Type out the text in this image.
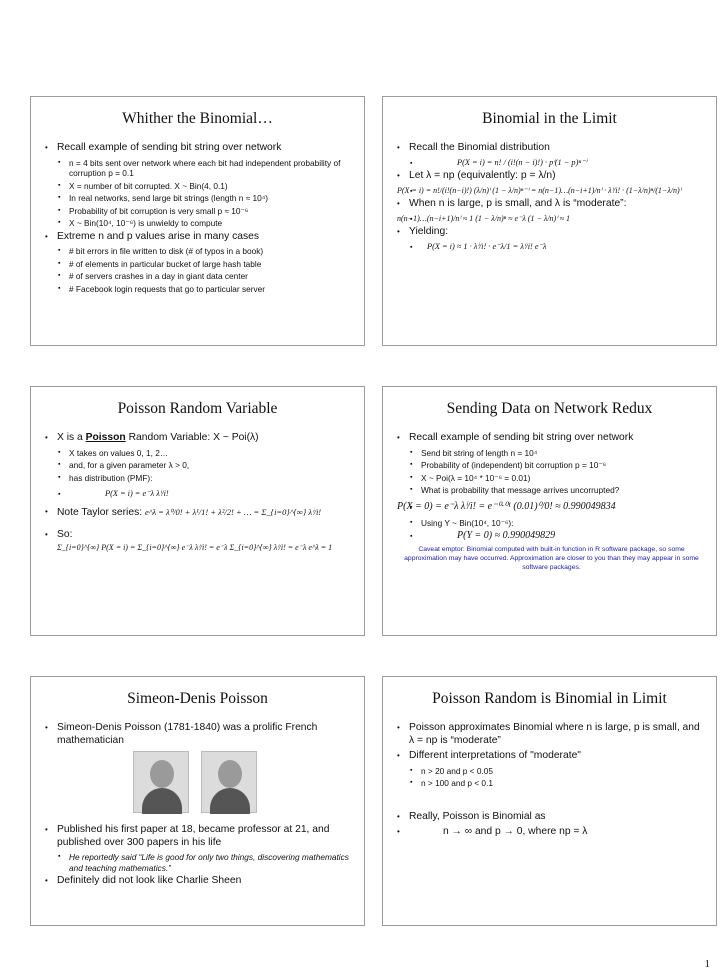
Whither the Binomial…
• Recall example of sending bit string over network
▪ n = 4 bits sent over network where each bit had independent probability of corruption p = 0.1
▪ X = number of bit corrupted. X ~ Bin(4, 0.1)
▪ In real networks, send large bit strings (length n ≈ 10⁴)
▪ Probability of bit corruption is very small p ≈ 10⁻⁶
▪ X ~ Bin(10⁴, 10⁻⁶) is unwieldy to compute
• Extreme n and p values arise in many cases
▪ # bit errors in file written to disk (# of typos in a book)
▪ # of elements in particular bucket of large hash table
▪ # of servers crashes in a day in giant data center
▪ # Facebook login requests that go to particular server
Binomial in the Limit
• Recall the Binomial distribution
▪ P(X = i) = n! / (i!(n − i)!) · pⁱ(1 − p)ⁿ⁻ⁱ
• Let λ = np (equivalently: p = λ/n)
▪ P(X = i) = n!/(i!(n−i)!) (λ/n)ⁱ (1 − λ/n)ⁿ⁻ⁱ = n(n−1)…(n−i+1)/nⁱ · λⁱ/i! · (1−λ/n)ⁿ/(1−λ/n)ⁱ
• When n is large, p is small, and λ is “moderate”:
▪ n(n−1)…(n−i+1)/nⁱ ≈ 1 (1 − λ/n)ⁿ ≈ e⁻λ (1 − λ/n)ⁱ ≈ 1
• Yielding:
▪ P(X = i) ≈ 1 · λⁱ/i! · e⁻λ/1 = λⁱ/i! e⁻λ
Poisson Random Variable
• X is a Poisson Random Variable: X ~ Poi(λ)
▪ X takes on values 0, 1, 2…
▪ and, for a given parameter λ > 0,
▪ has distribution (PMF):
▪ P(X = i) = e⁻λ λⁱ/i!
• Note Taylor series: e^λ = λ⁰/0! + λ¹/1! + λ²/2! + … = Σ_{i=0}^{∞} λⁱ/i!
• So:
Σ_{i=0}^{∞} P(X = i) = Σ_{i=0}^{∞} e⁻λ λⁱ/i! = e⁻λ Σ_{i=0}^{∞} λⁱ/i! = e⁻λ e^λ = 1
Sending Data on Network Redux
• Recall example of sending bit string over network
▪ Send bit string of length n = 10⁴
▪ Probability of (independent) bit corruption p = 10⁻⁶
▪ X ~ Poi(λ = 10⁴ * 10⁻⁶ = 0.01)
▪ What is probability that message arrives uncorrupted?
▪ P(X = 0) = e⁻λ λⁱ/i! = e⁻⁰·⁰¹ (0.01)⁰/0! ≈ 0.990049834
▪ Using Y ~ Bin(10⁴, 10⁻⁶):
▪ P(Y = 0) ≈ 0.990049829
Caveat emptor: Binomial computed with built-in function in R software package, so some approximation may have occurred. Approximation are closer to you than they may appear in some software packages.
Simeon-Denis Poisson
• Simeon-Denis Poisson (1781-1840) was a prolific French mathematician
• Published his first paper at 18, became professor at 21, and published over 300 papers in his life
▪ He reportedly said “Life is good for only two things, discovering mathematics and teaching mathematics.”
• Definitely did not look like Charlie Sheen
Poisson Random is Binomial in Limit
• Poisson approximates Binomial where n is large, p is small, and λ = np is “moderate”
• Different interpretations of "moderate"
▪ n > 20 and p < 0.05
▪ n > 100 and p < 0.1
• Really, Poisson is Binomial as
• n → ∞ and p → 0, where np = λ
1
